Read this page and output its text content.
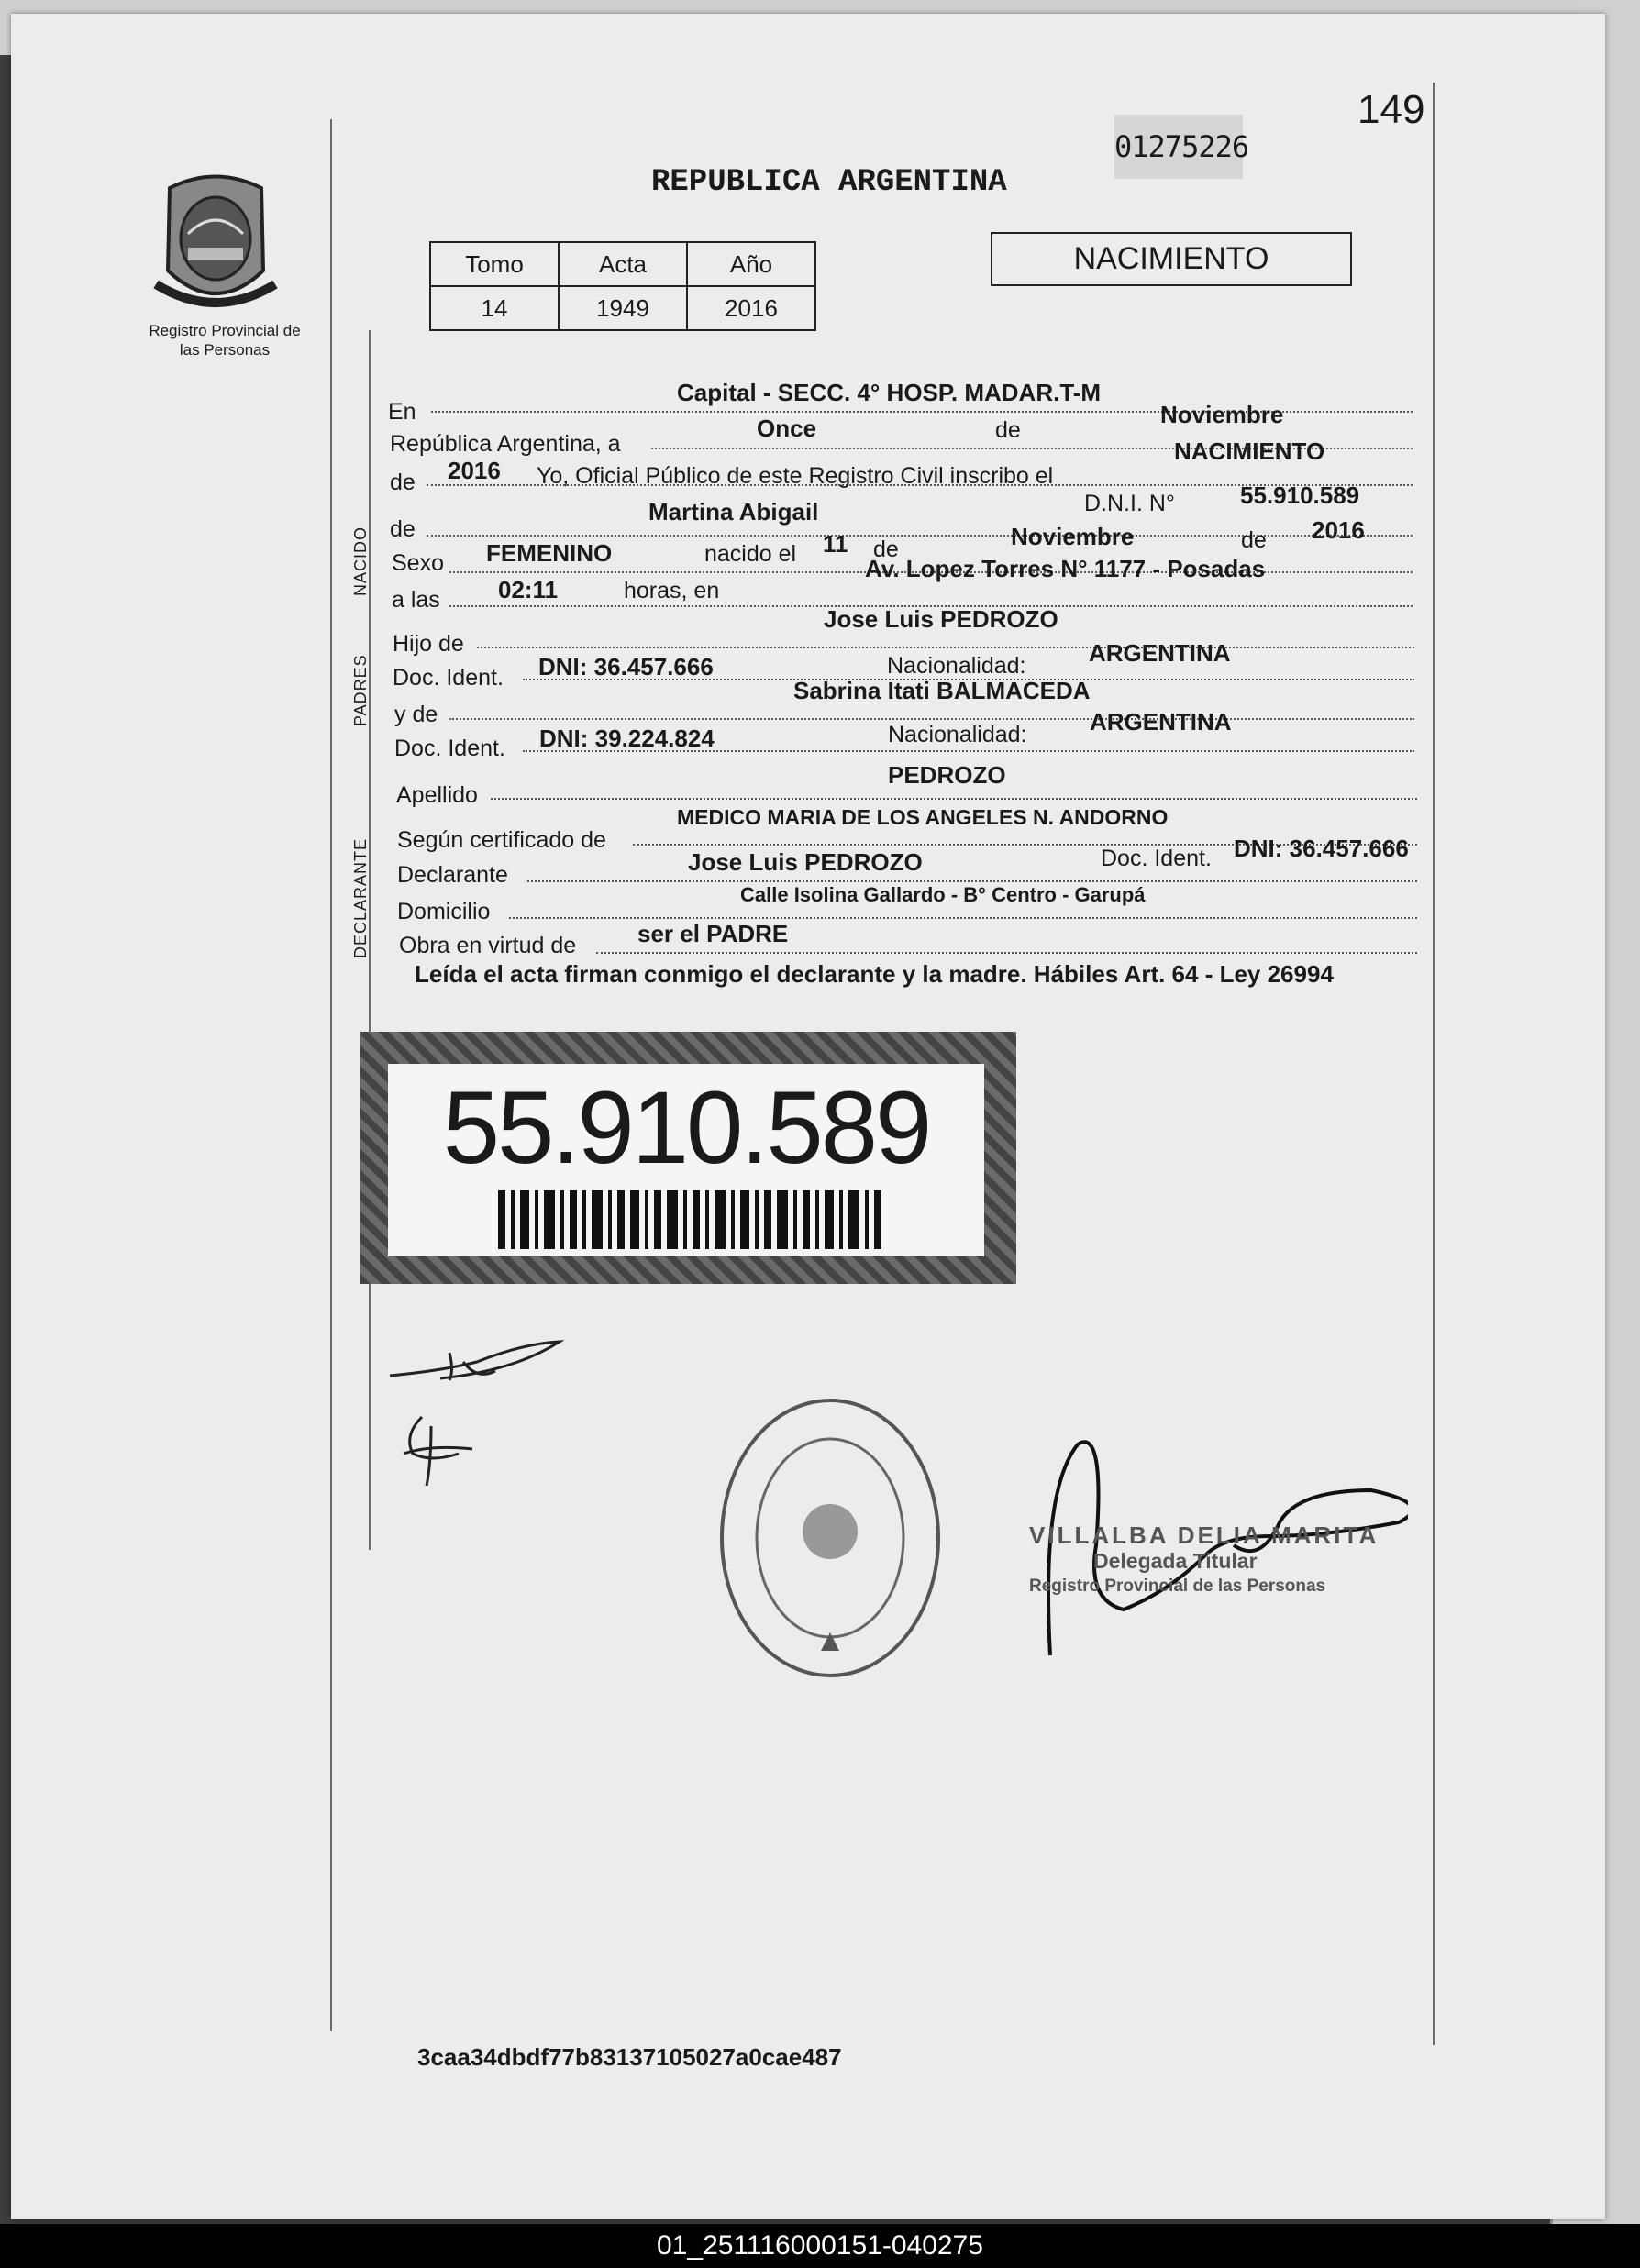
Registro Provincial de las Personas
149
01275226
REPUBLICA ARGENTINA
Tomo	Acta	Año
14	1949	2016
NACIMIENTO
En
Capital - SECC. 4° HOSP. MADAR.T-M
República Argentina, a
Once	de
Noviembre
de 2016 Yo, Oficial Público de este Registro Civil inscribo el
NACIMIENTO
NACIDO de
Martina Abigail	D.N.I. N°	55.910.589
Sexo FEMENINO	nacido el 11 de	Noviembre	de 2016
a las 02:11	horas, en
Av. Lopez Torres N° 1177 - Posadas
PADRES
Hijo de
Jose Luis PEDROZO
Doc. Ident. DNI: 36.457.666	Nacionalidad:	ARGENTINA
y de
Sabrina Itati BALMACEDA
Doc. Ident. DNI: 39.224.824	Nacionalidad:	ARGENTINA
Apellido
PEDROZO
DECLARANTE Según certificado de
MEDICO MARIA DE LOS ANGELES N. ANDORNO
Declarante	Jose Luis PEDROZO	Doc. Ident. DNI: 36.457.666
Domicilio
Calle Isolina Gallardo - B° Centro - Garupá
Obra en virtud de	ser el PADRE
Leída el acta firman conmigo el declarante y la madre. Hábiles Art. 64 - Ley 26994
55.910.589
VILLALBA DELIA MARITA
Delegada Titular
Registro Provincial de las Personas
3caa34dbdf77b83137105027a0cae487
01_251116000151-040275
